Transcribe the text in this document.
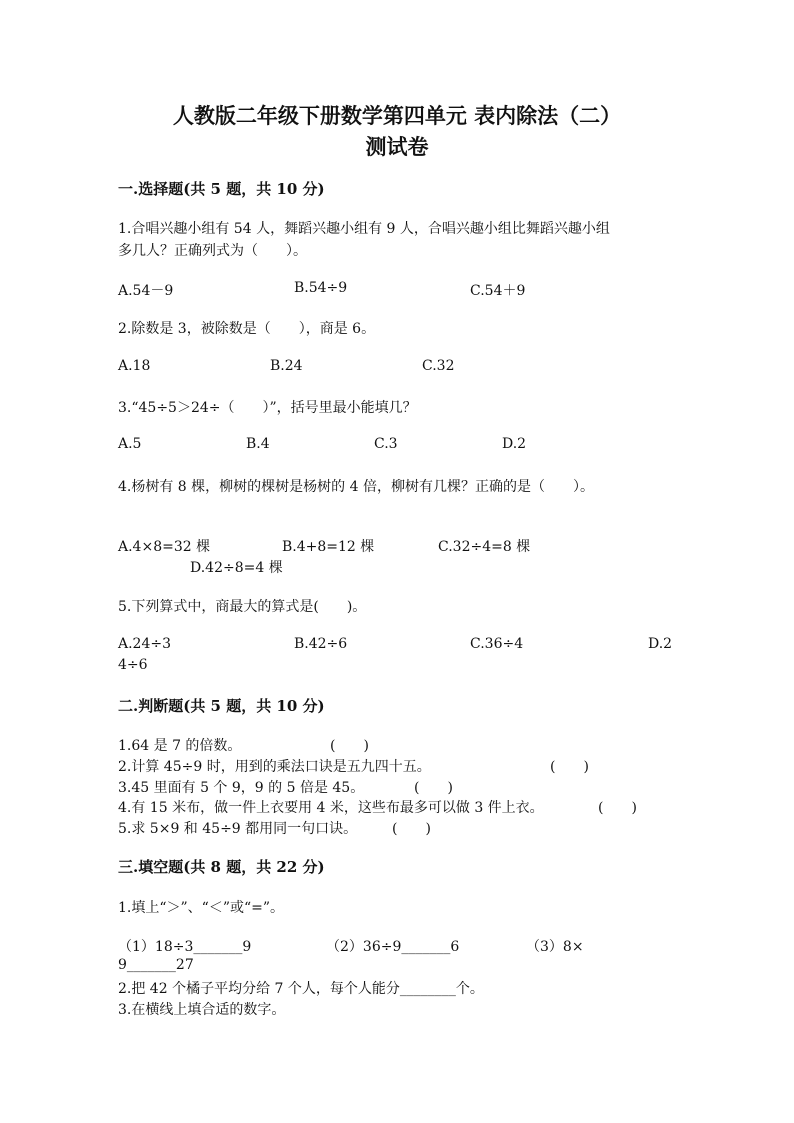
人教版二年级下册数学第四单元 表内除法（二）
测试卷
一.选择题(共 5 题，共 10 分)
1.合唱兴趣小组有 54 人，舞蹈兴趣小组有 9 人，合唱兴趣小组比舞蹈兴趣小组
多几人？正确列式为（　　）。
A.54－9	B.54÷9	C.54＋9
2.除数是 3，被除数是（　　），商是 6。
A.18	B.24	C.32
3.“45÷5＞24÷（　　）”，括号里最小能填几？
A.5	B.4	C.3	D.2
4.杨树有 8 棵，柳树的棵树是杨树的 4 倍，柳树有几棵？正确的是（　　）。
A.4×8=32 棵	B.4+8=12 棵	C.32÷4=8 棵
D.42÷8=4 棵
5.下列算式中，商最大的算式是(　　)。
A.24÷3	B.42÷6	C.36÷4	D.2
4÷6
二.判断题(共 5 题，共 10 分)
1.64 是 7 的倍数。	(　　)
2.计算 45÷9 时，用到的乘法口诀是五九四十五。	(　　)
3.45 里面有 5 个 9，9 的 5 倍是 45。	(　　)
4.有 15 米布，做一件上衣要用 4 米，这些布最多可以做 3 件上衣。	(　　)
5.求 5×9 和 45÷9 都用同一句口诀。 (　　)
三.填空题(共 8 题，共 22 分)
1.填上“＞”、“＜”或“=”。
（1）18÷3_______9	（2）36÷9_______6	（3）8×
9_______27
2.把 42 个橘子平均分给 7 个人，每个人能分________个。
3.在横线上填合适的数字。
